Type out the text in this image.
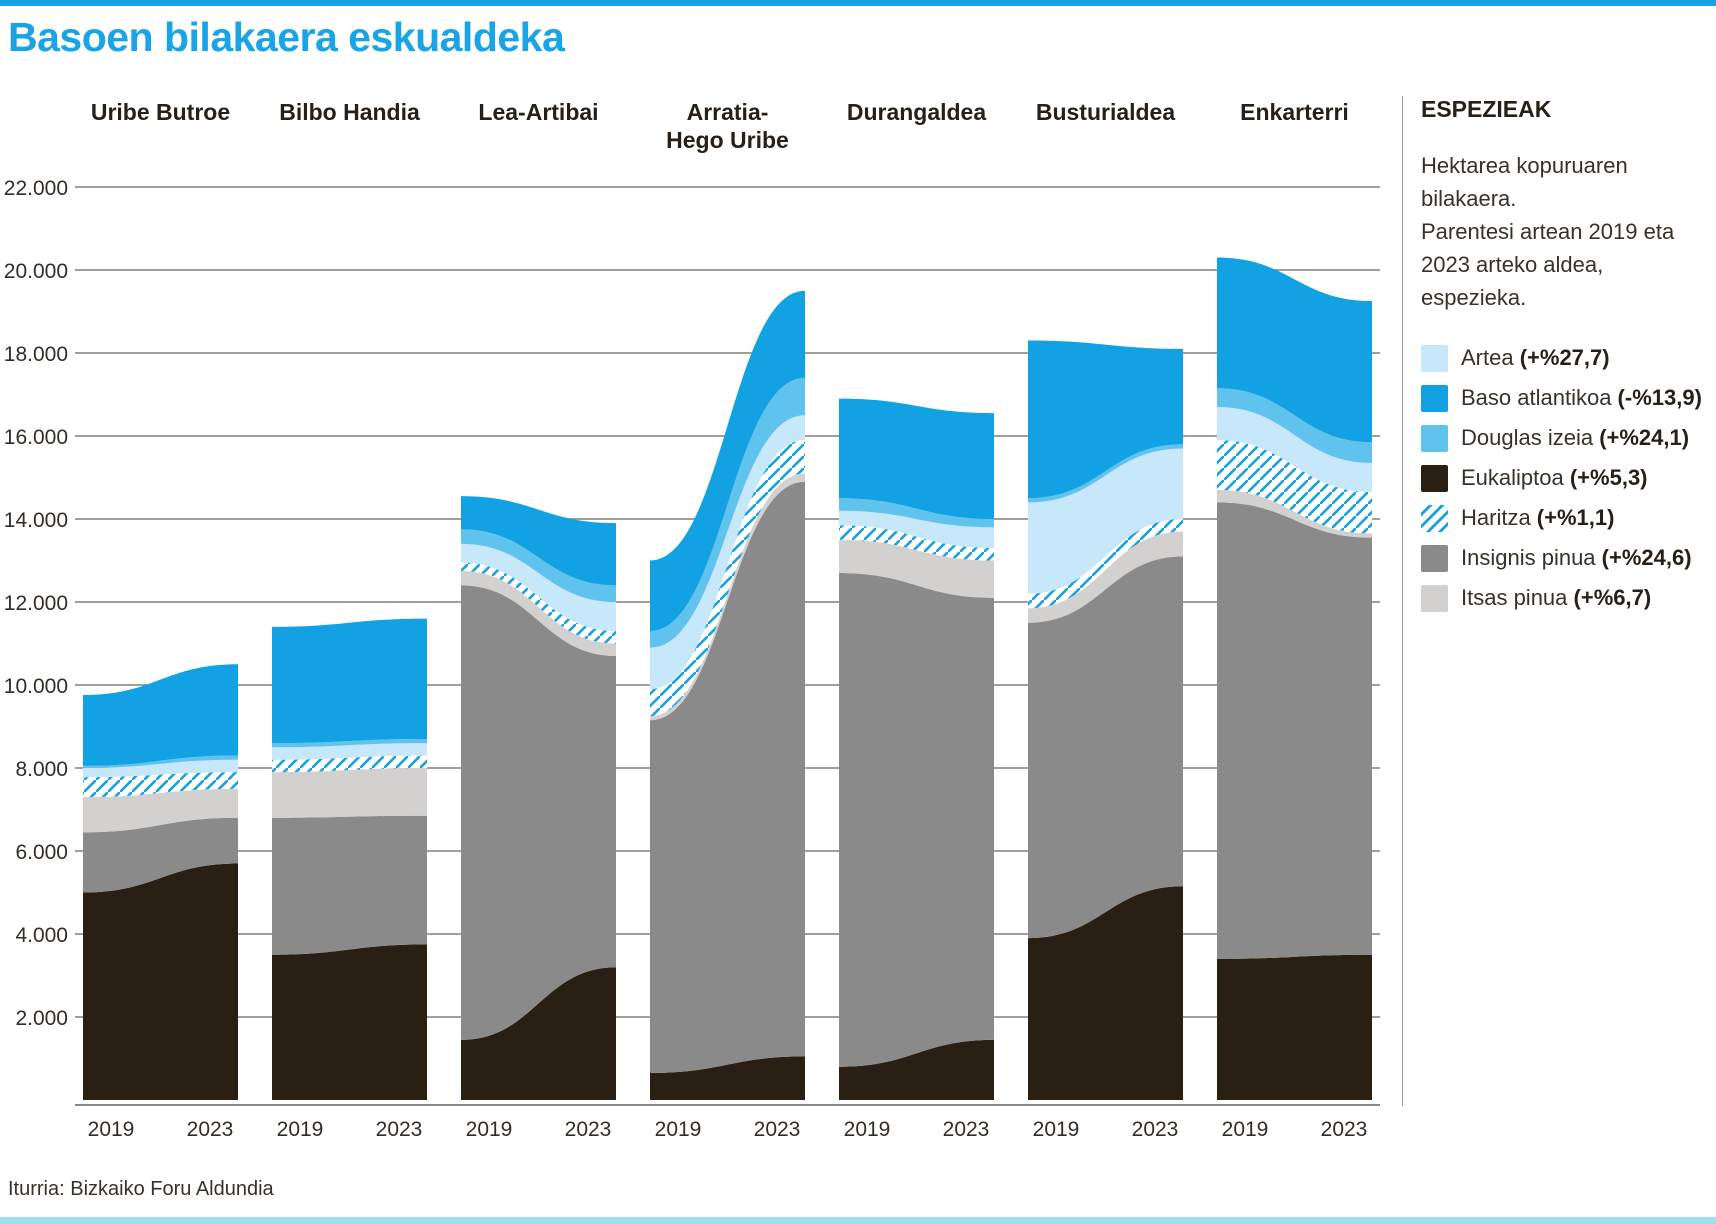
Basoen bilakaera eskualdeka
2.000
4.000
6.000
8.000
10.000
12.000
14.000
16.000
18.000
20.000
22.000
Uribe Butroe
2019 2023
Bilbo Handia
2019 2023
Lea-Artibai
2019 2023
Arratia-
Hego Uribe
2019 2023
Durangaldea
2019 2023
Busturialdea
2019 2023
Enkarterri
2019 2023
ESPEZIEAK

Hektarea kopuruaren bilakaera.

Parentesi artean 2019 eta 2023 arteko aldea, espezieka.

Artea (+%27,7)
Baso atlantikoa (-%13,9)
Douglas izeia (+%24,1)
Eukaliptoa (+%5,3)
Haritza (+%1,1)
Insignis pinua (+%24,6)
Itsas pinua (+%6,7)
Iturria: Bizkaiko Foru Aldundia
